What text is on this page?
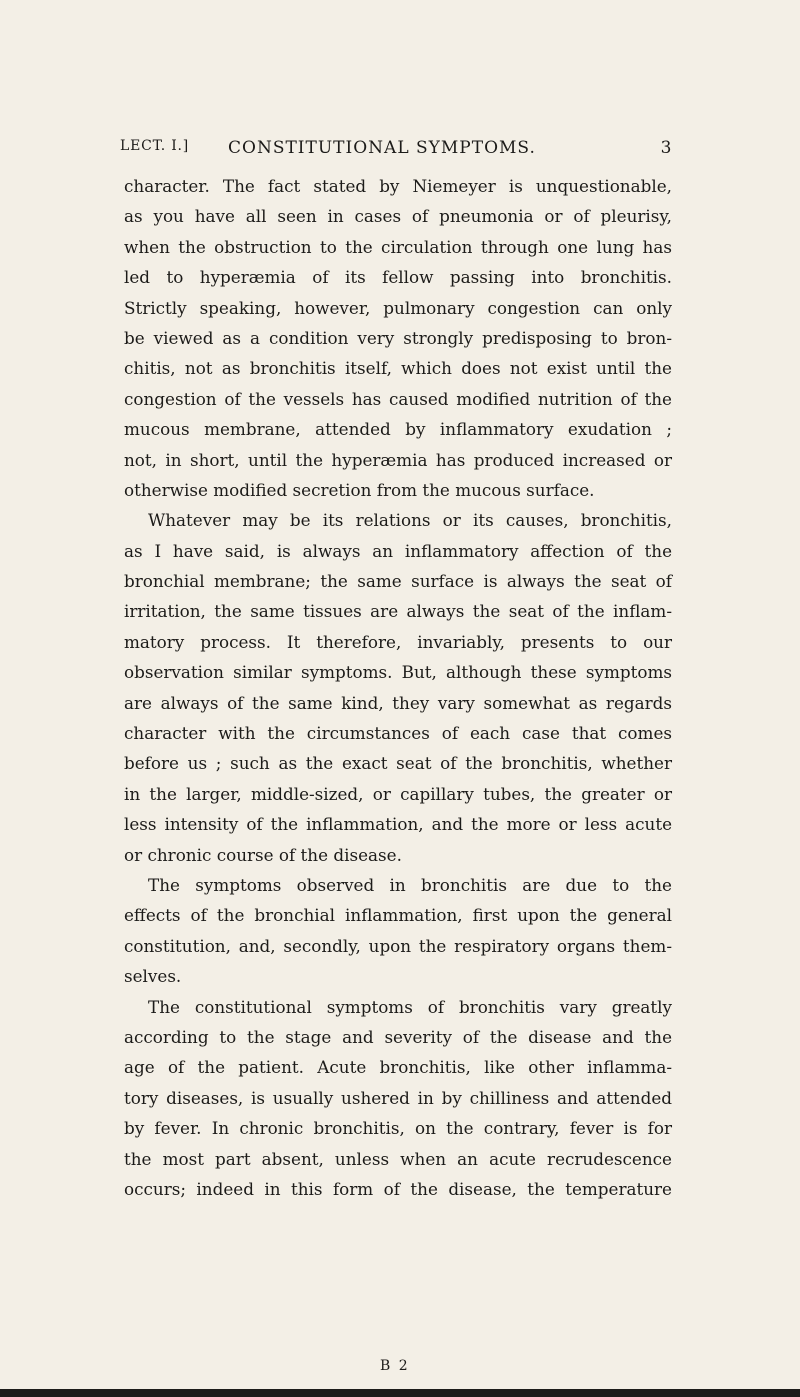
LECT. I.] CONSTITUTIONAL SYMPTOMS.	3
character. The fact stated by Niemeyer is unquestionable,
as you have all seen in cases of pneumonia or of pleurisy,
when the obstruction to the circulation through one lung has
led to hyperæmia of its fellow passing into bronchitis.
Strictly speaking, however, pulmonary congestion can only
be viewed as a condition very strongly predisposing to bron-
chitis, not as bronchitis itself, which does not exist until the
congestion of the vessels has caused modified nutrition of the
mucous membrane, attended by inflammatory exudation ;
not, in short, until the hyperæmia has produced increased or
otherwise modified secretion from the mucous surface.
Whatever may be its relations or its causes, bronchitis,
as I have said, is always an inflammatory affection of the
bronchial membrane; the same surface is always the seat of
irritation, the same tissues are always the seat of the inflam-
matory process. It therefore, invariably, presents to our
observation similar symptoms. But, although these symptoms
are always of the same kind, they vary somewhat as regards
character with the circumstances of each case that comes
before us ; such as the exact seat of the bronchitis, whether
in the larger, middle-sized, or capillary tubes, the greater or
less intensity of the inflammation, and the more or less acute
or chronic course of the disease.
The symptoms observed in bronchitis are due to the
effects of the bronchial inflammation, first upon the general
constitution, and, secondly, upon the respiratory organs them-
selves.
The constitutional symptoms of bronchitis vary greatly
according to the stage and severity of the disease and the
age of the patient. Acute bronchitis, like other inflamma-
tory diseases, is usually ushered in by chilliness and attended
by fever. In chronic bronchitis, on the contrary, fever is for
the most part absent, unless when an acute recrudescence
occurs; indeed in this form of the disease, the temperature
B 2
